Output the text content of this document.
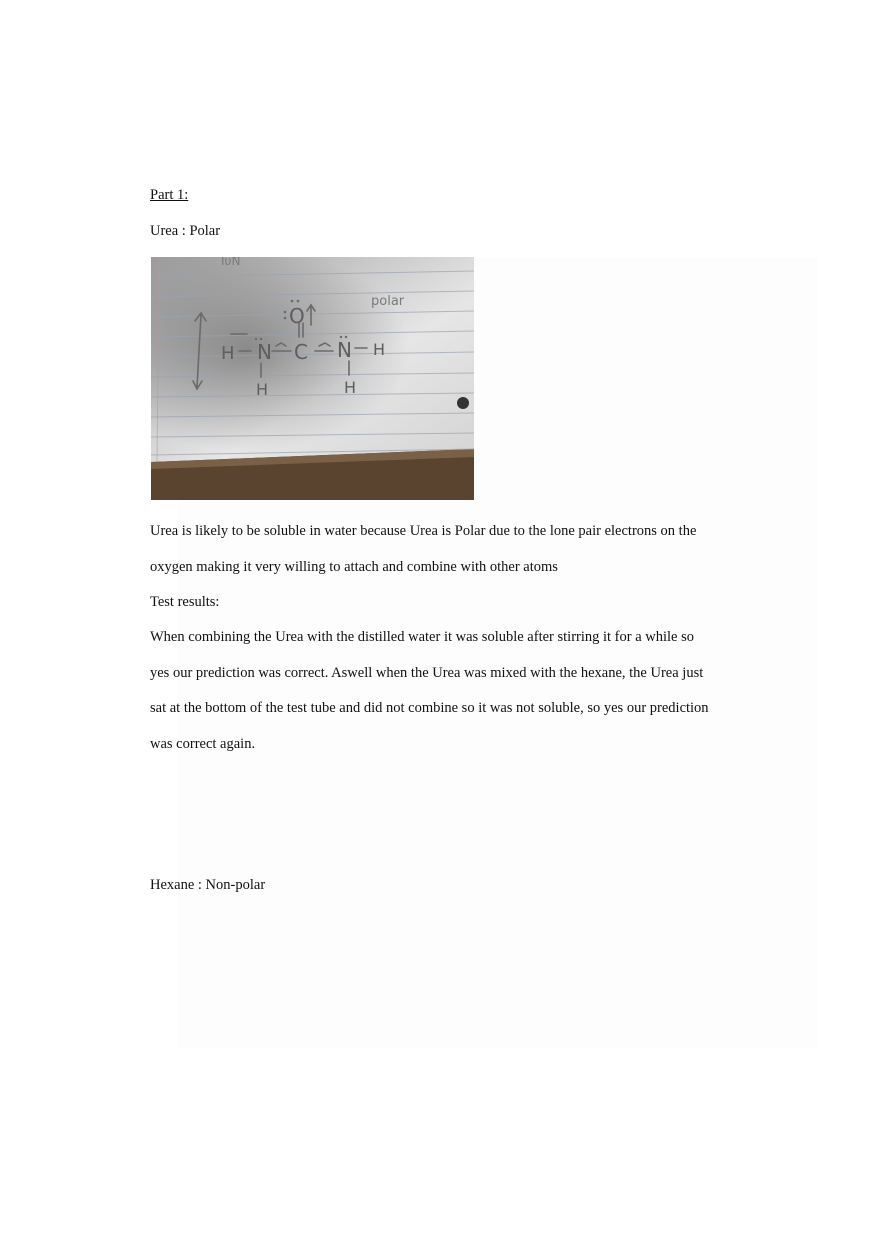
Part 1:
Urea : Polar
O
N C N
H	H
H	H
polar
IυN
Urea is likely to be soluble in water because Urea is Polar due to the lone pair electrons on the
oxygen making it very willing to attach and combine with other atoms
Test results:
When combining the Urea with the distilled water it was soluble after stirring it for a while so
yes our prediction was correct. Aswell when the Urea was mixed with the hexane, the Urea just
sat at the bottom of the test tube and did not combine so it was not soluble, so yes our prediction
was correct again.
Hexane : Non-polar
